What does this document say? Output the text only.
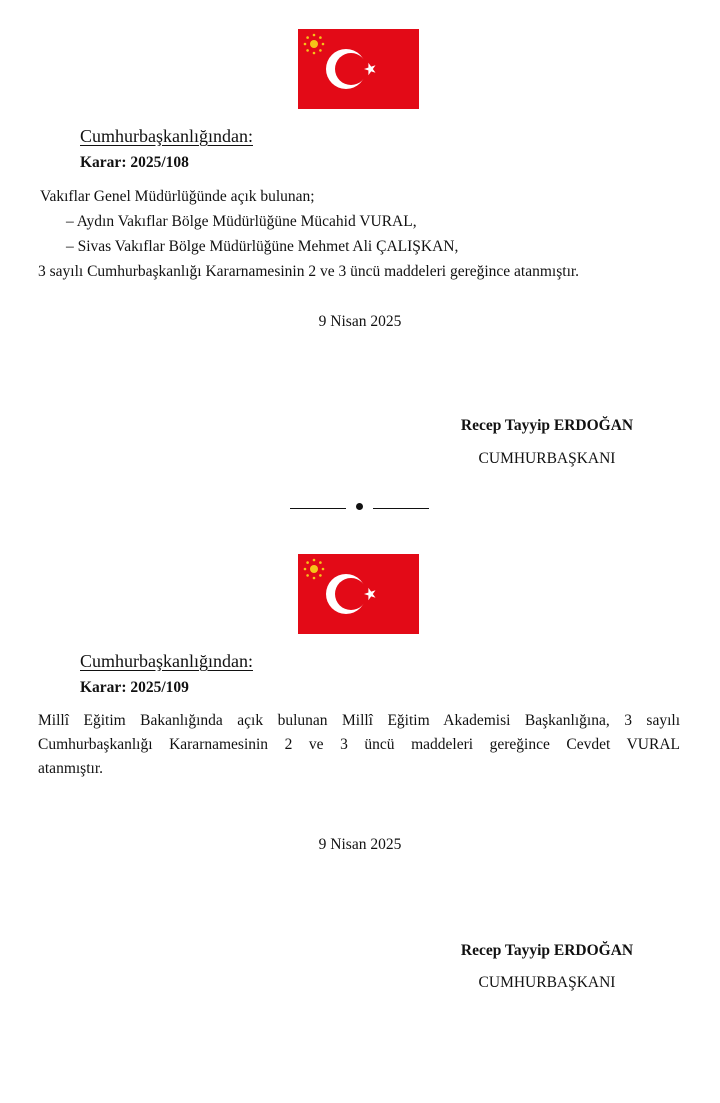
Cumhurbaşkanlığından:
Karar: 2025/108
Vakıflar Genel Müdürlüğünde açık bulunan;
– Aydın Vakıflar Bölge Müdürlüğüne Mücahid VURAL,
– Sivas Vakıflar Bölge Müdürlüğüne Mehmet Ali ÇALIŞKAN,
3 sayılı Cumhurbaşkanlığı Kararnamesinin 2 ve 3 üncü maddeleri gereğince atanmıştır.
9 Nisan 2025
Recep Tayyip ERDOĞAN
CUMHURBAŞKANI
Cumhurbaşkanlığından:
Karar: 2025/109
Millî Eğitim Bakanlığında açık bulunan Millî Eğitim Akademisi Başkanlığına, 3 sayılı
Cumhurbaşkanlığı Kararnamesinin 2 ve 3 üncü maddeleri gereğince Cevdet VURAL
atanmıştır.
9 Nisan 2025
Recep Tayyip ERDOĞAN
CUMHURBAŞKANI
